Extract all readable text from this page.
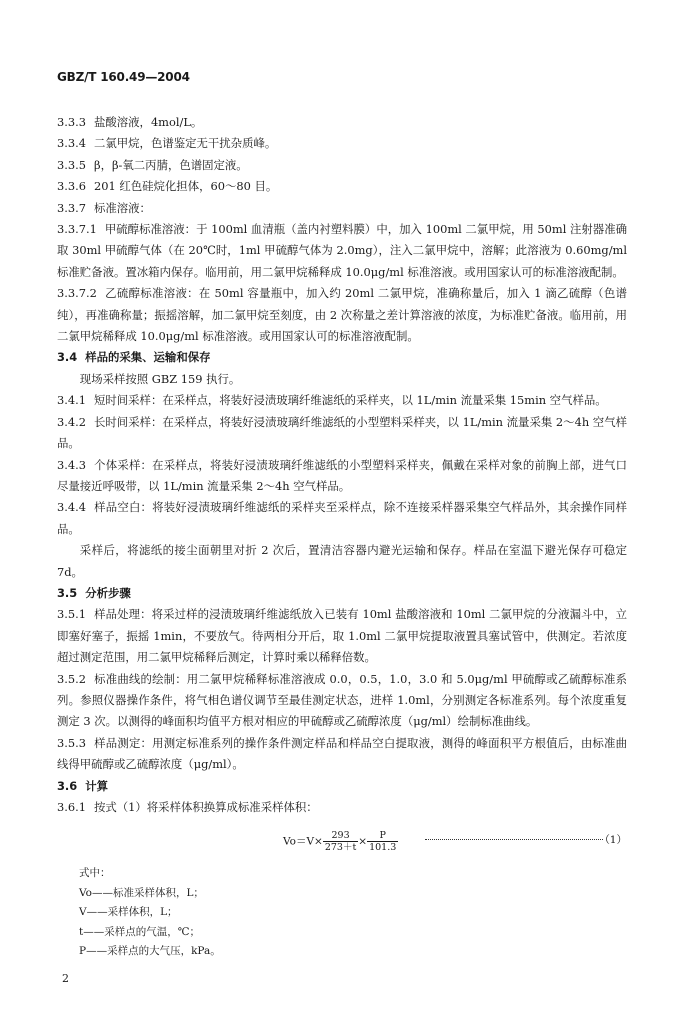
GBZ/T 160.49—2004

3.3.3 盐酸溶液，4mol/L。

3.3.4 二氯甲烷，色谱鉴定无干扰杂质峰。

3.3.5 β，β-氧二丙腈，色谱固定液。

3.3.6 201 红色硅烷化担体，60～80 目。

3.3.7 标准溶液：

3.3.7.1 甲硫醇标准溶液：于 100ml 血清瓶（盖内衬塑料膜）中，加入 100ml 二氯甲烷，用 50ml 注射器准确取 30ml 甲硫醇气体（在 20℃时，1ml 甲硫醇气体为 2.0mg），注入二氯甲烷中，溶解；此溶液为 0.60mg/ml 标准贮备液。置冰箱内保存。临用前，用二氯甲烷稀释成 10.0μg/ml 标准溶液。或用国家认可的标准溶液配制。

3.3.7.2 乙硫醇标准溶液：在 50ml 容量瓶中，加入约 20ml 二氯甲烷，准确称量后，加入 1 滴乙硫醇（色谱纯），再准确称量；振摇溶解，加二氯甲烷至刻度，由 2 次称量之差计算溶液的浓度，为标准贮备液。临用前，用二氯甲烷稀释成 10.0μg/ml 标准溶液。或用国家认可的标准溶液配制。

3.4 样品的采集、运输和保存

现场采样按照 GBZ 159 执行。

3.4.1 短时间采样：在采样点，将装好浸渍玻璃纤维滤纸的采样夹，以 1L/min 流量采集 15min 空气样品。

3.4.2 长时间采样：在采样点，将装好浸渍玻璃纤维滤纸的小型塑料采样夹，以 1L/min 流量采集 2～4h 空气样品。

3.4.3 个体采样：在采样点，将装好浸渍玻璃纤维滤纸的小型塑料采样夹，佩戴在采样对象的前胸上部，进气口尽量接近呼吸带，以 1L/min 流量采集 2～4h 空气样品。

3.4.4 样品空白：将装好浸渍玻璃纤维滤纸的采样夹至采样点，除不连接采样器采集空气样品外，其余操作同样品。

采样后，将滤纸的接尘面朝里对折 2 次后，置清洁容器内避光运输和保存。样品在室温下避光保存可稳定 7d。

3.5 分析步骤

3.5.1 样品处理：将采过样的浸渍玻璃纤维滤纸放入已装有 10ml 盐酸溶液和 10ml 二氯甲烷的分液漏斗中，立即塞好塞子，振摇 1min，不要放气。待两相分开后，取 1.0ml 二氯甲烷提取液置具塞试管中，供测定。若浓度超过测定范围，用二氯甲烷稀释后测定，计算时乘以稀释倍数。

3.5.2 标准曲线的绘制：用二氯甲烷稀释标准溶液成 0.0，0.5，1.0，3.0 和 5.0μg/ml 甲硫醇或乙硫醇标准系列。参照仪器操作条件，将气相色谱仪调节至最佳测定状态，进样 1.0ml，分别测定各标准系列。每个浓度重复测定 3 次。以测得的峰面积均值平方根对相应的甲硫醇或乙硫醇浓度（μg/ml）绘制标准曲线。

3.5.3 样品测定：用测定标准系列的操作条件测定样品和样品空白提取液，测得的峰面积平方根值后，由标准曲线得甲硫醇或乙硫醇浓度（μg/ml）。

3.6 计算

3.6.1 按式（1）将采样体积换算成标准采样体积：

$Vo=V\times \frac{293}{273+t} \times \frac{P}{101.3}$	（1）

式中：

Vo——标准采样体积，L；

V——采样体积，L；

t——采样点的气温，℃；

P——采样点的大气压，kPa。

2
